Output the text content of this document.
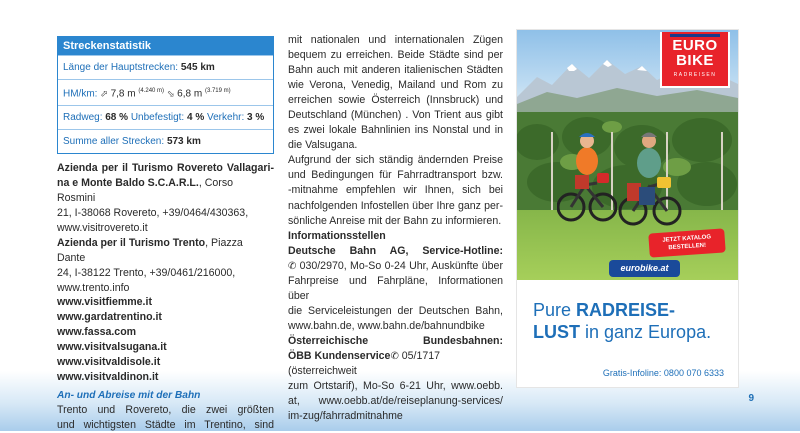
Streckenstatistik
Länge der Hauptstrecken: 545 km
HM/km: ⬀ 7,8 m $^{(4.240 m)}$ ⬂ 6,8 m $^{(3.719 m)}$
Radweg: 68 % Unbefestigt: 4 % Verkehr: 3 %
Summe aller Strecken: 573 km

Azienda per il Turismo Rovereto Vallagari-

na e Monte Baldo S.C.A.R.L., Corso Rosmini

21, I-38068 Rovereto, +39/0464/430363,

www.visitrovereto.it

Azienda per il Turismo Trento, Piazza Dante

24, I-38122 Trento, +39/0461/216000,

www.trento.info

www.visitfiemme.it
www.gardatrentino.it
www.fassa.com
www.visitvalsugana.it
www.visitvaldisole.it
www.visitvaldinon.it
An- und Abreise mit der Bahn

Trento und Rovereto, die zwei größten

und wichtigsten Städte im Trentino, sind

mit nationalen und internationalen Zügen

bequem zu erreichen. Beide Städte sind per

Bahn auch mit anderen italienischen Städten

wie Verona, Venedig, Mailand und Rom zu

erreichen sowie Österreich (Innsbruck) und

Deutschland (München) . Von Trient aus gibt

es zwei lokale Bahnlinien ins Nonstal und in

die Valsugana.

Aufgrund der sich ständig ändernden Preise

und Bedingungen für Fahrradtransport bzw.

-mitnahme empfehlen wir Ihnen, sich bei

nachfolgenden Infostellen über Ihre ganz per-

sönliche Anreise mit der Bahn zu informieren.

Informationsstellen

Deutsche Bahn AG, Service-Hotline:

✆ 030/2970, Mo-So 0-24 Uhr, Auskünfte über

Fahrpreise und Fahrpläne, Informationen über

die Serviceleistungen der Deutschen Bahn,

www.bahn.de, www.bahn.de/bahnundbike

Österreichische	Bundesbahnen:

ÖBB Kundenservice✆ 05/1717 (österreichweit

zum Ortstarif), Mo-So 6-21 Uhr, www.oebb.

at, www.oebb.at/de/reiseplanung-services/

im-zug/fahrradmitnahme

EURO
BIKE
RADREISEN
JETZT KATALOG
BESTELLEN!
eurobike.at
Pure RADREISE-
LUST in ganz Europa.
Gratis-Infoline: 0800 070 6333
9
